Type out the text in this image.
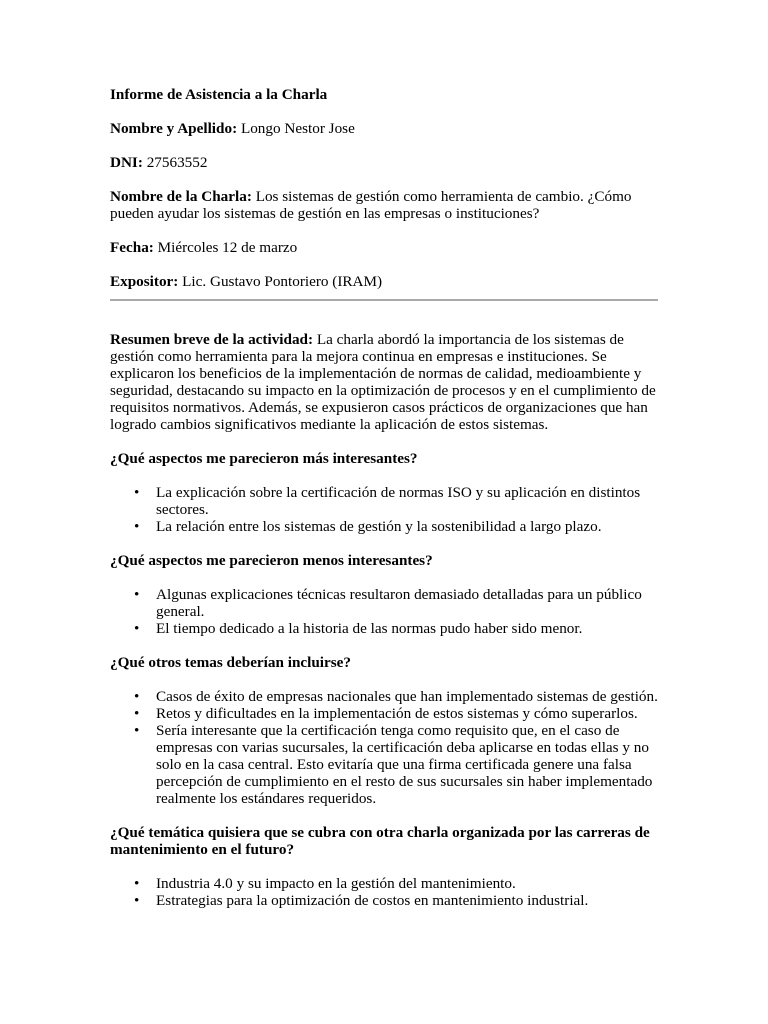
Informe de Asistencia a la Charla

Nombre y Apellido: Longo Nestor Jose

DNI: 27563552

Nombre de la Charla: Los sistemas de gestión como herramienta de cambio. ¿Cómo pueden ayudar los sistemas de gestión en las empresas o instituciones?

Fecha: Miércoles 12 de marzo

Expositor: Lic. Gustavo Pontoriero (IRAM)

Resumen breve de la actividad: La charla abordó la importancia de los sistemas de gestión como herramienta para la mejora continua en empresas e instituciones. Se explicaron los beneficios de la implementación de normas de calidad, medioambiente y seguridad, destacando su impacto en la optimización de procesos y en el cumplimiento de requisitos normativos. Además, se expusieron casos prácticos de organizaciones que han logrado cambios significativos mediante la aplicación de estos sistemas.

¿Qué aspectos me parecieron más interesantes?

• La explicación sobre la certificación de normas ISO y su aplicación en distintos sectores.
• La relación entre los sistemas de gestión y la sostenibilidad a largo plazo.

¿Qué aspectos me parecieron menos interesantes?

• Algunas explicaciones técnicas resultaron demasiado detalladas para un público general.
• El tiempo dedicado a la historia de las normas pudo haber sido menor.

¿Qué otros temas deberían incluirse?

• Casos de éxito de empresas nacionales que han implementado sistemas de gestión.
• Retos y dificultades en la implementación de estos sistemas y cómo superarlos.
• Sería interesante que la certificación tenga como requisito que, en el caso de empresas con varias sucursales, la certificación deba aplicarse en todas ellas y no solo en la casa central. Esto evitaría que una firma certificada genere una falsa percepción de cumplimiento en el resto de sus sucursales sin haber implementado realmente los estándares requeridos.

¿Qué temática quisiera que se cubra con otra charla organizada por las carreras de mantenimiento en el futuro?

• Industria 4.0 y su impacto en la gestión del mantenimiento.
• Estrategias para la optimización de costos en mantenimiento industrial.
